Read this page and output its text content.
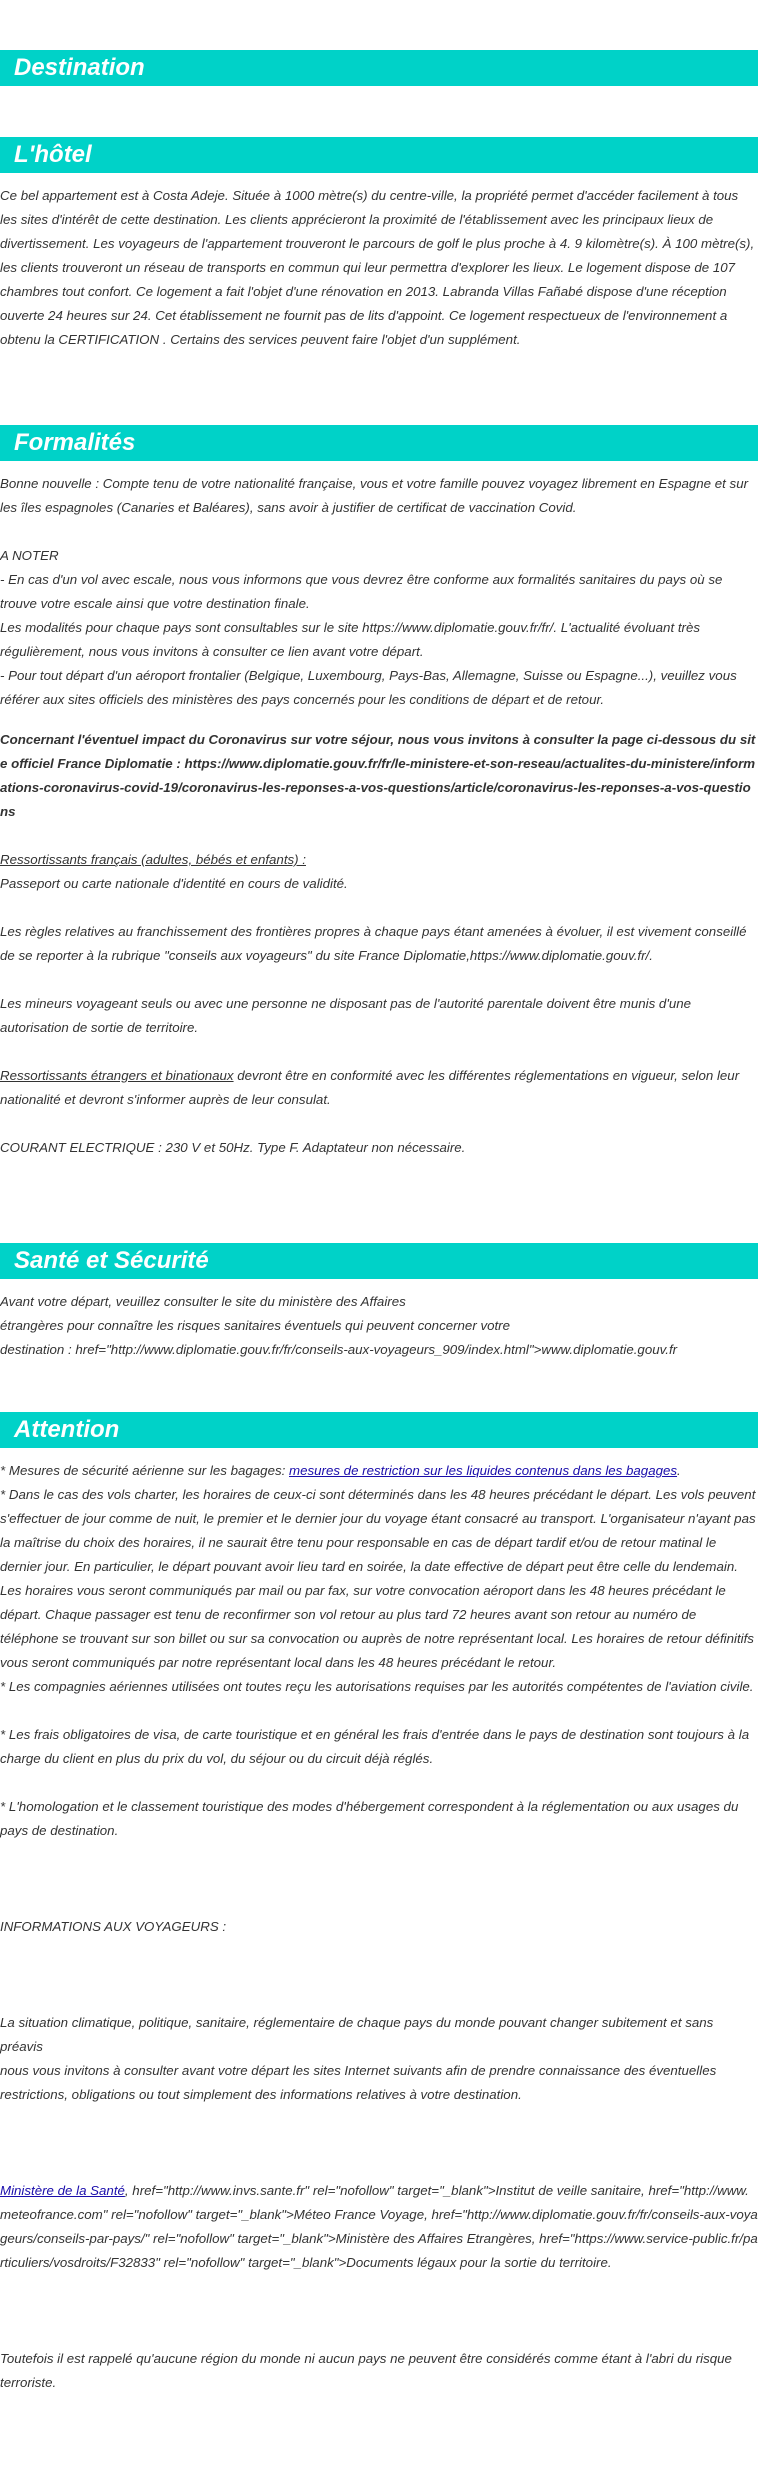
Destination
L'hôtel

Ce bel appartement est à Costa Adeje. Située à 1000 mètre(s) du centre-ville, la propriété permet d'accéder facilement à tous les sites d'intérêt de cette destination. Les clients apprécieront la proximité de l'établissement avec les principaux lieux de divertissement. Les voyageurs de l'appartement trouveront le parcours de golf le plus proche à 4. 9 kilomètre(s). À 100 mètre(s), les clients trouveront un réseau de transports en commun qui leur permettra d'explorer les lieux. Le logement dispose de 107 chambres tout confort. Ce logement a fait l'objet d'une rénovation en 2013. Labranda Villas Fañabé dispose d'une réception ouverte 24 heures sur 24. Cet établissement ne fournit pas de lits d'appoint. Ce logement respectueux de l'environnement a obtenu la CERTIFICATION . Certains des services peuvent faire l'objet d'un supplément.

Formalités

Bonne nouvelle : Compte tenu de votre nationalité française, vous et votre famille pouvez voyagez librement en Espagne et sur les îles espagnoles (Canaries et Baléares), sans avoir à justifier de certificat de vaccination Covid.

A NOTER

- En cas d'un vol avec escale, nous vous informons que vous devrez être conforme aux formalités sanitaires du pays où se trouve votre escale ainsi que votre destination finale.

Les modalités pour chaque pays sont consultables sur le site https://www.diplomatie.gouv.fr/fr/. L'actualité évoluant très régulièrement, nous vous invitons à consulter ce lien avant votre départ.

- Pour tout départ d'un aéroport frontalier (Belgique, Luxembourg, Pays-Bas, Allemagne, Suisse ou Espagne...), veuillez vous référer aux sites officiels des ministères des pays concernés pour les conditions de départ et de retour.

Concernant l'éventuel impact du Coronavirus sur votre séjour, nous vous invitons à consulter la page ci-dessous du site officiel France Diplomatie : https://www.diplomatie.gouv.fr/fr/le-ministere-et-son-reseau/actualites-du-ministere/informations-coronavirus-covid-19/coronavirus-les-reponses-a-vos-questions/article/coronavirus-les-reponses-a-vos-questions

Ressortissants français (adultes, bébés et enfants) :

Passeport ou carte nationale d'identité en cours de validité.

Les règles relatives au franchissement des frontières propres à chaque pays étant amenées à évoluer, il est vivement conseillé de se reporter à la rubrique "conseils aux voyageurs" du site France Diplomatie,https://www.diplomatie.gouv.fr/.

Les mineurs voyageant seuls ou avec une personne ne disposant pas de l'autorité parentale doivent être munis d'une autorisation de sortie de territoire.

Ressortissants étrangers et binationaux devront être en conformité avec les différentes réglementations en vigueur, selon leur nationalité et devront s'informer auprès de leur consulat.

COURANT ELECTRIQUE : 230 V et 50Hz. Type F. Adaptateur non nécessaire.

Santé et Sécurité

Avant votre départ, veuillez consulter le site du ministère des Affaires

étrangères pour connaître les risques sanitaires éventuels qui peuvent concerner votre

destination : href="http://www.diplomatie.gouv.fr/fr/conseils-aux-voyageurs_909/index.html">www.diplomatie.gouv.fr

Attention

* Mesures de sécurité aérienne sur les bagages: mesures de restriction sur les liquides contenus dans les bagages.

* Dans le cas des vols charter, les horaires de ceux-ci sont déterminés dans les 48 heures précédant le départ. Les vols peuvent s'effectuer de jour comme de nuit, le premier et le dernier jour du voyage étant consacré au transport. L'organisateur n'ayant pas la maîtrise du choix des horaires, il ne saurait être tenu pour responsable en cas de départ tardif et/ou de retour matinal le dernier jour. En particulier, le départ pouvant avoir lieu tard en soirée, la date effective de départ peut être celle du lendemain. Les horaires vous seront communiqués par mail ou par fax, sur votre convocation aéroport dans les 48 heures précédant le départ. Chaque passager est tenu de reconfirmer son vol retour au plus tard 72 heures avant son retour au numéro de téléphone se trouvant sur son billet ou sur sa convocation ou auprès de notre représentant local. Les horaires de retour définitifs vous seront communiqués par notre représentant local dans les 48 heures précédant le retour.

* Les compagnies aériennes utilisées ont toutes reçu les autorisations requises par les autorités compétentes de l'aviation civile.

* Les frais obligatoires de visa, de carte touristique et en général les frais d'entrée dans le pays de destination sont toujours à la charge du client en plus du prix du vol, du séjour ou du circuit déjà réglés.

* L'homologation et le classement touristique des modes d'hébergement correspondent à la réglementation ou aux usages du pays de destination.

INFORMATIONS AUX VOYAGEURS :

La situation climatique, politique, sanitaire, réglementaire de chaque pays du monde pouvant changer subitement et sans préavis

nous vous invitons à consulter avant votre départ les sites Internet suivants afin de prendre connaissance des éventuelles restrictions, obligations ou tout simplement des informations relatives à votre destination.

Ministère de la Santé, href="http://www.invs.sante.fr" rel="nofollow" target="_blank">Institut de veille sanitaire, href="http://www.meteofrance.com" rel="nofollow" target="_blank">Méteo France Voyage, href="http://www.diplomatie.gouv.fr/fr/conseils-aux-voyageurs/conseils-par-pays/" rel="nofollow" target="_blank">Ministère des Affaires Etrangères, href="https://www.service-public.fr/particuliers/vosdroits/F32833" rel="nofollow" target="_blank">Documents légaux pour la sortie du territoire.

Toutefois il est rappelé qu'aucune région du monde ni aucun pays ne peuvent être considérés comme étant à l'abri du risque terroriste.
